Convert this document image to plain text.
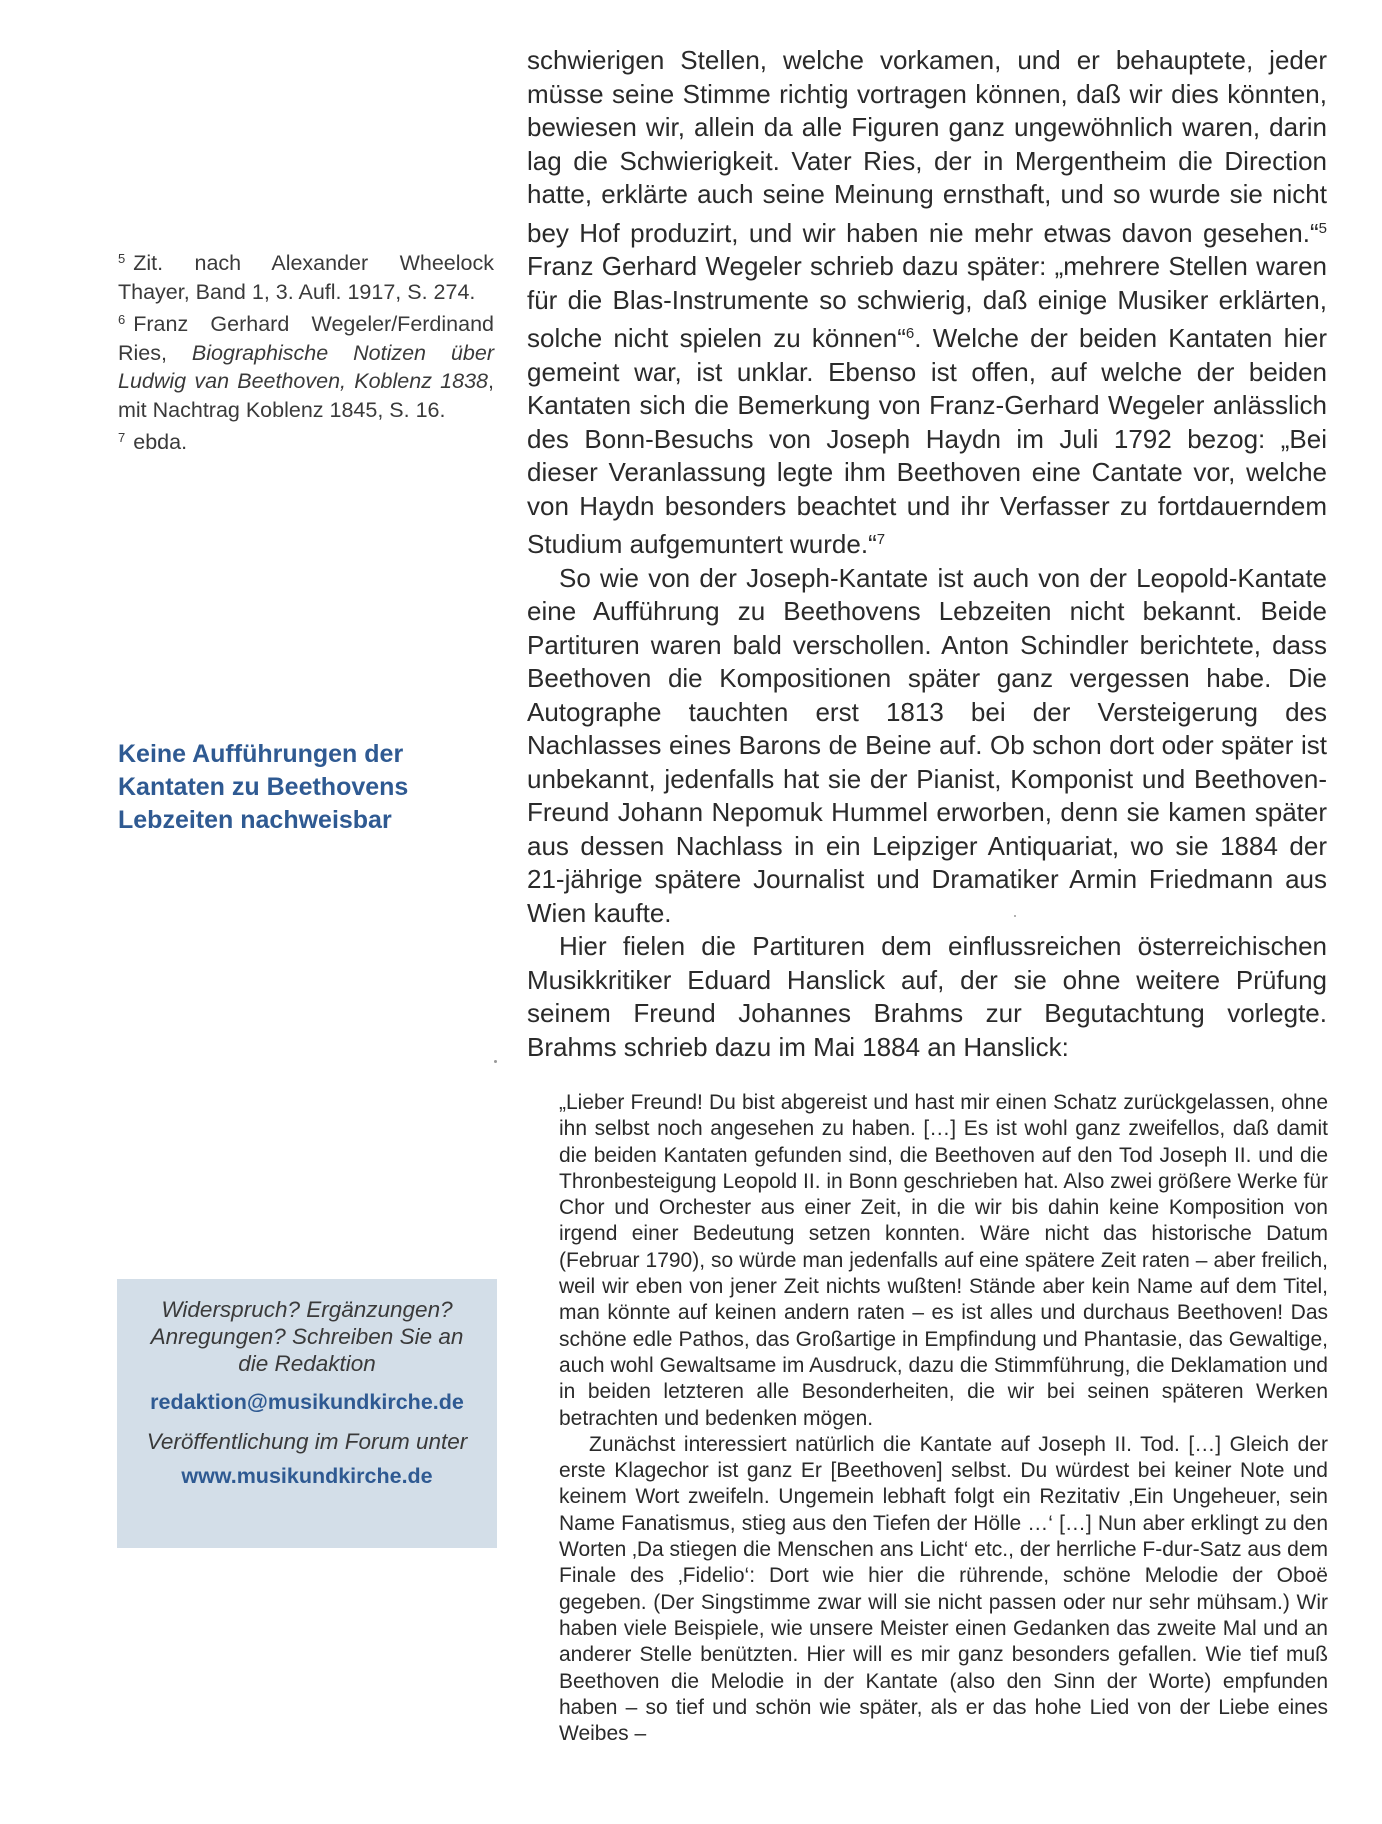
$^5$ Zit. nach Alexander Wheelock Thayer, Band 1, 3. Aufl. 1917, S. 274.

$^6$ Franz Gerhard Wegeler/Ferdinand Ries, Biographische Notizen über Ludwig van Beethoven, Koblenz 1838, mit Nachtrag Koblenz 1845, S. 16.

$^7$ ebda.

Keine Aufführungen der Kantaten zu Beethovens Lebzeiten nachweisbar
Widerspruch? Ergänzungen? Anregungen? Schreiben Sie an die Redaktion
redaktion@musikundkirche.de
Veröffentlichung im Forum unter
www.musikundkirche.de

schwierigen Stellen, welche vorkamen, und er behauptete, jeder müsse seine Stimme richtig vortragen können, daß wir dies könnten, bewiesen wir, allein da alle Figuren ganz ungewöhnlich waren, darin lag die Schwierigkeit. Vater Ries, der in Mergentheim die Direction hatte, erklärte auch seine Meinung ernsthaft, und so wurde sie nicht bey Hof produzirt, und wir haben nie mehr etwas davon gesehen.“$^5$ Franz Gerhard Wegeler schrieb dazu später: „mehrere Stellen waren für die Blas-Instrumente so schwierig, daß einige Musiker erklärten, solche nicht spielen zu können“$^6$. Welche der beiden Kantaten hier gemeint war, ist unklar. Ebenso ist offen, auf welche der beiden Kantaten sich die Bemerkung von Franz-Gerhard Wegeler anlässlich des Bonn-Besuchs von Joseph Haydn im Juli 1792 bezog: „Bei dieser Veranlassung legte ihm Beethoven eine Cantate vor, welche von Haydn besonders beachtet und ihr Verfasser zu fortdauerndem Studium aufgemuntert wurde.“$^7$

So wie von der Joseph-Kantate ist auch von der Leopold-Kantate eine Aufführung zu Beethovens Lebzeiten nicht bekannt. Beide Partituren waren bald verschollen. Anton Schindler berichtete, dass Beethoven die Kompositionen später ganz vergessen habe. Die Autographe tauchten erst 1813 bei der Versteigerung des Nachlasses eines Barons de Beine auf. Ob schon dort oder später ist unbekannt, jedenfalls hat sie der Pianist, Komponist und Beethoven-Freund Johann Nepomuk Hummel erworben, denn sie kamen später aus dessen Nachlass in ein Leipziger Antiquariat, wo sie 1884 der 21-jährige spätere Journalist und Dramatiker Armin Friedmann aus Wien kaufte.

Hier fielen die Partituren dem einflussreichen österreichischen Musikkritiker Eduard Hanslick auf, der sie ohne weitere Prüfung seinem Freund Johannes Brahms zur Begutachtung vorlegte. Brahms schrieb dazu im Mai 1884 an Hanslick:

„Lieber Freund! Du bist abgereist und hast mir einen Schatz zurückgelassen, ohne ihn selbst noch angesehen zu haben. […] Es ist wohl ganz zweifellos, daß damit die beiden Kantaten gefunden sind, die Beethoven auf den Tod Joseph II. und die Thronbesteigung Leopold II. in Bonn geschrieben hat. Also zwei größere Werke für Chor und Orchester aus einer Zeit, in die wir bis dahin keine Komposition von irgend einer Bedeutung setzen konnten. Wäre nicht das historische Datum (Februar 1790), so würde man jedenfalls auf eine spätere Zeit raten – aber freilich, weil wir eben von jener Zeit nichts wußten! Stände aber kein Name auf dem Titel, man könnte auf keinen andern raten – es ist alles und durchaus Beethoven! Das schöne edle Pathos, das Großartige in Empfindung und Phantasie, das Gewaltige, auch wohl Gewaltsame im Ausdruck, dazu die Stimmführung, die Deklamation und in beiden letzteren alle Besonderheiten, die wir bei seinen späteren Werken betrachten und bedenken mögen.

Zunächst interessiert natürlich die Kantate auf Joseph II. Tod. […] Gleich der erste Klagechor ist ganz Er [Beethoven] selbst. Du würdest bei keiner Note und keinem Wort zweifeln. Ungemein lebhaft folgt ein Rezitativ ‚Ein Ungeheuer, sein Name Fanatismus, stieg aus den Tiefen der Hölle …‘ […] Nun aber erklingt zu den Worten ‚Da stiegen die Menschen ans Licht‘ etc., der herrliche F-dur-Satz aus dem Finale des ‚Fidelio‘: Dort wie hier die rührende, schöne Melodie der Oboë gegeben. (Der Singstimme zwar will sie nicht passen oder nur sehr mühsam.) Wir haben viele Beispiele, wie unsere Meister einen Gedanken das zweite Mal und an anderer Stelle benützten. Hier will es mir ganz besonders gefallen. Wie tief muß Beethoven die Melodie in der Kantate (also den Sinn der Worte) empfunden haben – so tief und schön wie später, als er das hohe Lied von der Liebe eines Weibes –
